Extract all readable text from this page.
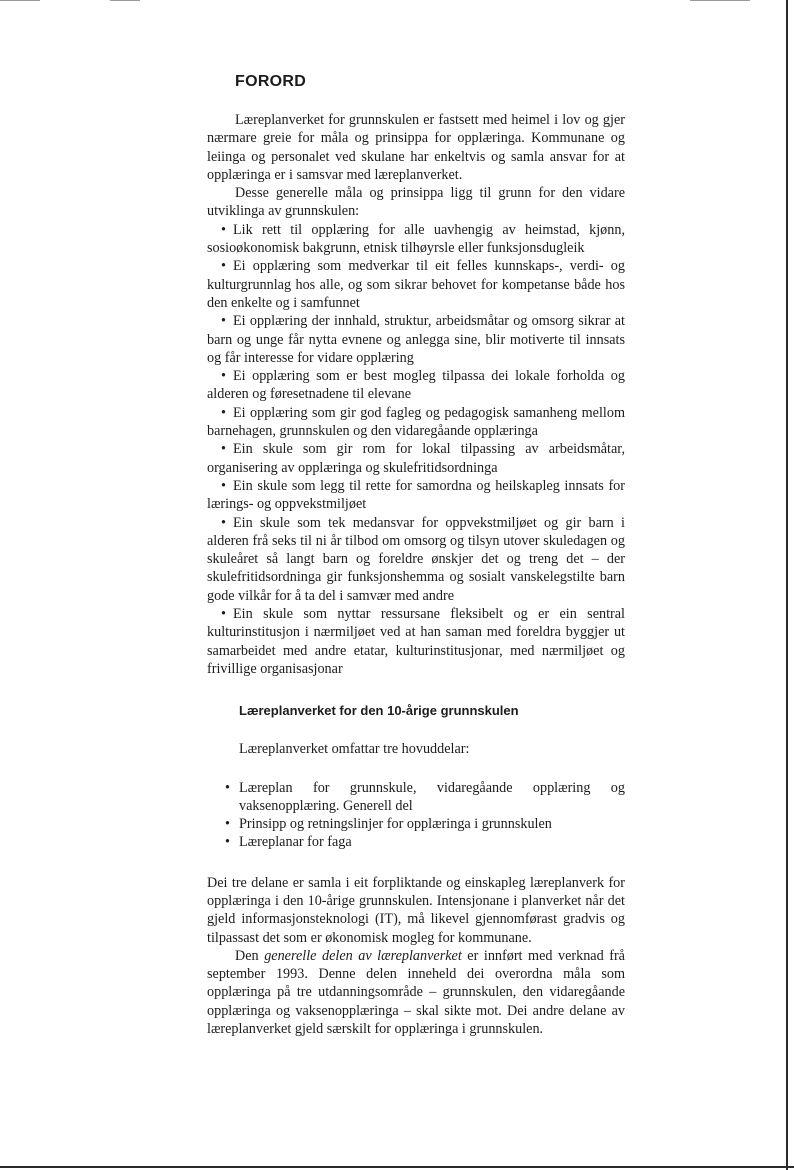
FORORD

Læreplanverket for grunnskulen er fastsett med heimel i lov og gjer nærmare greie for måla og prinsippa for opplæringa. Kommunane og leiinga og personalet ved skulane har enkeltvis og samla ansvar for at opplæringa er i samsvar med læreplanverket.

Desse generelle måla og prinsippa ligg til grunn for den vidare utviklinga av grunnskulen:

• Lik rett til opplæring for alle uavhengig av heimstad, kjønn, sosioøkonomisk bakgrunn, etnisk tilhøyrsle eller funksjonsdugleik
• Ei opplæring som medverkar til eit felles kunnskaps-, verdi- og kulturgrunnlag hos alle, og som sikrar behovet for kompetanse både hos den enkelte og i samfunnet
• Ei opplæring der innhald, struktur, arbeidsmåtar og omsorg sikrar at barn og unge får nytta evnene og anlegga sine, blir motiverte til innsats og får interesse for vidare opplæring
• Ei opplæring som er best mogleg tilpassa dei lokale forholda og alderen og føresetnadene til elevane
• Ei opplæring som gir god fagleg og pedagogisk samanheng mellom barnehagen, grunnskulen og den vidaregåande opplæringa
• Ein skule som gir rom for lokal tilpassing av arbeidsmåtar, organisering av opplæringa og skulefritidsordninga
• Ein skule som legg til rette for samordna og heilskapleg innsats for lærings- og oppvekstmiljøet
• Ein skule som tek medansvar for oppvekstmiljøet og gir barn i alderen frå seks til ni år tilbod om omsorg og tilsyn utover skuledagen og skuleåret så langt barn og foreldre ønskjer det og treng det – der skulefritidsordninga gir funksjonshemma og sosialt vanskelegstilte barn gode vilkår for å ta del i samvær med andre
• Ein skule som nyttar ressursane fleksibelt og er ein sentral kulturinstitusjon i nærmiljøet ved at han saman med foreldra byggjer ut samarbeidet med andre etatar, kulturinstitusjonar, med nærmiljøet og frivillige organisasjonar
Læreplanverket for den 10-årige grunnskulen

Læreplanverket omfattar tre hovuddelar:

• Læreplan for grunnskule, vidaregåande opplæring og vaksenopplæring. Generell del
• Prinsipp og retningslinjer for opplæringa i grunnskulen
• Læreplanar for faga

Dei tre delane er samla i eit forpliktande og einskapleg læreplanverk for opplæringa i den 10-årige grunnskulen. Intensjonane i planverket når det gjeld informasjonsteknologi (IT), må likevel gjennomførast gradvis og tilpassast det som er økonomisk mogleg for kommunane.

Den generelle delen av læreplanverket er innført med verknad frå september 1993. Denne delen inneheld dei overordna måla som opplæringa på tre utdanningsområde – grunnskulen, den vidaregåande opplæringa og vaksenopplæringa – skal sikte mot. Dei andre delane av læreplanverket gjeld særskilt for opplæringa i grunnskulen.
